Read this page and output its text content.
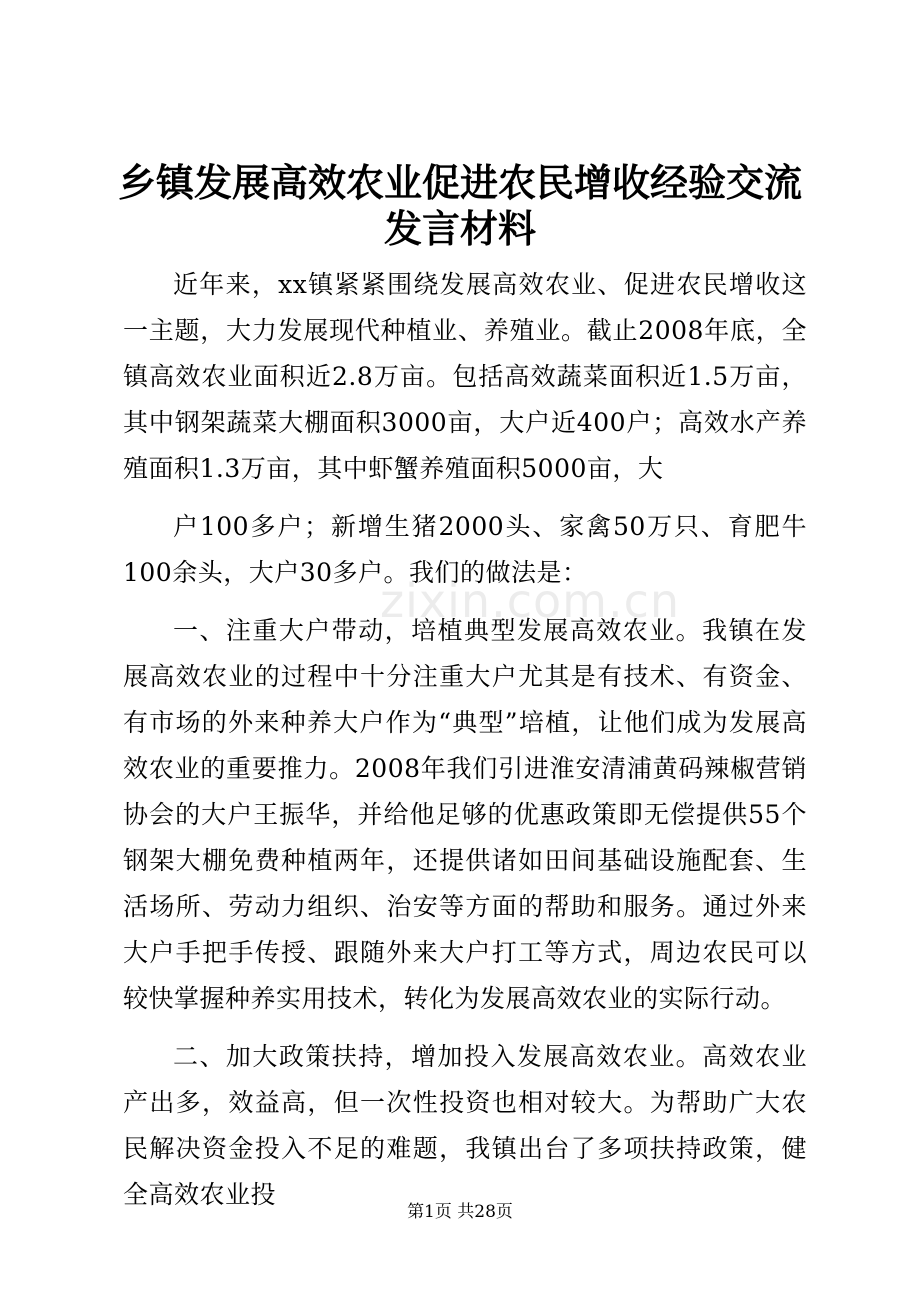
乡镇发展高效农业促进农民增收经验交流发言材料

近年来，xx镇紧紧围绕发展高效农业、促进农民增收这一主题，大力发展现代种植业、养殖业。截止2008年底，全镇高效农业面积近2.8万亩。包括高效蔬菜面积近1.5万亩，其中钢架蔬菜大棚面积3000亩，大户近400户；高效水产养殖面积1.3万亩，其中虾蟹养殖面积5000亩，大

户100多户；新增生猪2000头、家禽50万只、育肥牛100余头，大户30多户。我们的做法是：

一、注重大户带动，培植典型发展高效农业。我镇在发展高效农业的过程中十分注重大户尤其是有技术、有资金、有市场的外来种养大户作为“典型”培植，让他们成为发展高效农业的重要推力。2008年我们引进淮安清浦黄码辣椒营销协会的大户王振华，并给他足够的优惠政策即无偿提供55个钢架大棚免费种植两年，还提供诸如田间基础设施配套、生活场所、劳动力组织、治安等方面的帮助和服务。通过外来大户手把手传授、跟随外来大户打工等方式，周边农民可以较快掌握种养实用技术，转化为发展高效农业的实际行动。

二、加大政策扶持，增加投入发展高效农业。高效农业产出多，效益高，但一次性投资也相对较大。为帮助广大农民解决资金投入不足的难题，我镇出台了多项扶持政策，健全高效农业投

zixin.com.cn
第1页 共28页
